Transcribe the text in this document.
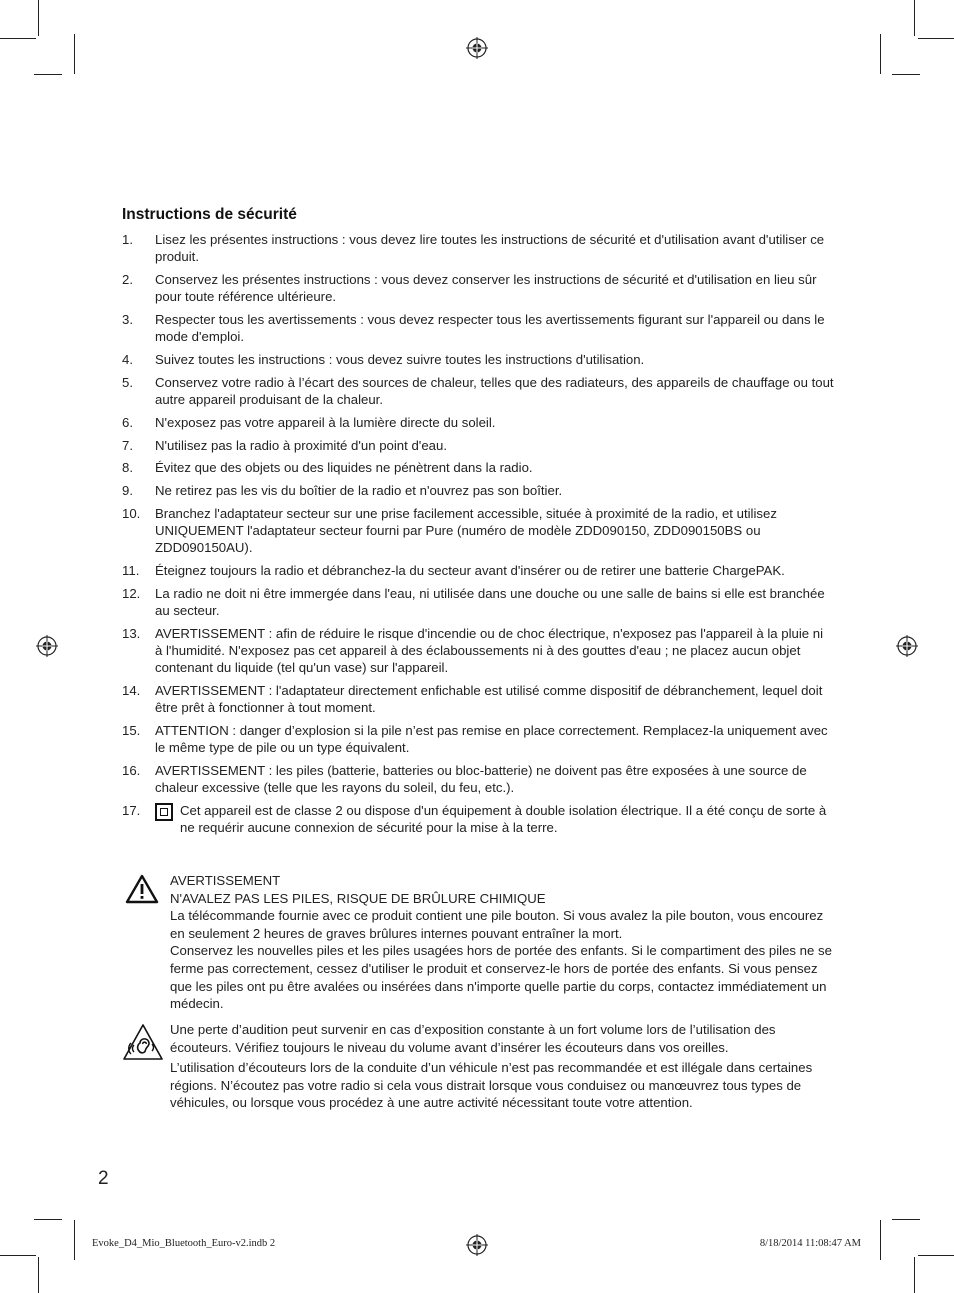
Instructions de sécurité
1. Lisez les présentes instructions : vous devez lire toutes les instructions de sécurité et d'utilisation avant d'utiliser ce produit.
2. Conservez les présentes instructions : vous devez conserver les instructions de sécurité et d'utilisation en lieu sûr pour toute référence ultérieure.
3. Respecter tous les avertissements : vous devez respecter tous les avertissements figurant sur l'appareil ou dans le mode d'emploi.
4. Suivez toutes les instructions : vous devez suivre toutes les instructions d'utilisation.
5. Conservez votre radio à l’écart des sources de chaleur, telles que des radiateurs, des appareils de chauffage ou tout autre appareil produisant de la chaleur.
6. N'exposez pas votre appareil à la lumière directe du soleil.
7. N'utilisez pas la radio à proximité d'un point d'eau.
8. Évitez que des objets ou des liquides ne pénètrent dans la radio.
9. Ne retirez pas les vis du boîtier de la radio et n'ouvrez pas son boîtier.
10. Branchez l'adaptateur secteur sur une prise facilement accessible, située à proximité de la radio, et utilisez UNIQUEMENT l'adaptateur secteur fourni par Pure (numéro de modèle ZDD090150, ZDD090150BS ou ZDD090150AU).
11. Éteignez toujours la radio et débranchez-la du secteur avant d'insérer ou de retirer une batterie ChargePAK.
12. La radio ne doit ni être immergée dans l'eau, ni utilisée dans une douche ou une salle de bains si elle est branchée au secteur.
13. AVERTISSEMENT : afin de réduire le risque d'incendie ou de choc électrique, n'exposez pas l'appareil à la pluie ni à l'humidité. N'exposez pas cet appareil à des éclaboussements ni à des gouttes d'eau ; ne placez aucun objet contenant du liquide (tel qu'un vase) sur l'appareil.
14. AVERTISSEMENT : l'adaptateur directement enfichable est utilisé comme dispositif de débranchement, lequel doit être prêt à fonctionner à tout moment.
15. ATTENTION : danger d’explosion si la pile n’est pas remise en place correctement. Remplacez-la uniquement avec le même type de pile ou un type équivalent.
16. AVERTISSEMENT : les piles (batterie, batteries ou bloc-batterie) ne doivent pas être exposées à une source de chaleur excessive (telle que les rayons du soleil, du feu, etc.).
17.	Cet appareil est de classe 2 ou dispose d'un équipement à double isolation électrique. Il a été conçu de sorte à ne requérir aucune connexion de sécurité pour la mise à la terre.

AVERTISSEMENT

N'AVALEZ PAS LES PILES, RISQUE DE BRÛLURE CHIMIQUE

La télécommande fournie avec ce produit contient une pile bouton. Si vous avalez la pile bouton, vous encourez en seulement 2 heures de graves brûlures internes pouvant entraîner la mort.

Conservez les nouvelles piles et les piles usagées hors de portée des enfants. Si le compartiment des piles ne se ferme pas correctement, cessez d'utiliser le produit et conservez-le hors de portée des enfants. Si vous pensez que les piles ont pu être avalées ou insérées dans n'importe quelle partie du corps, contactez immédiatement un médecin.

Une perte d’audition peut survenir en cas d’exposition constante à un fort volume lors de l’utilisation des écouteurs. Vérifiez toujours le niveau du volume avant d’insérer les écouteurs dans vos oreilles.

L’utilisation d’écouteurs lors de la conduite d’un véhicule n’est pas recommandée et est illégale dans certaines régions. N’écoutez pas votre radio si cela vous distrait lorsque vous conduisez ou manœuvrez tous types de véhicules, ou lorsque vous procédez à une autre activité nécessitant toute votre attention.

2
Evoke_D4_Mio_Bluetooth_Euro-v2.indb 2	8/18/2014 11:08:47 AM
